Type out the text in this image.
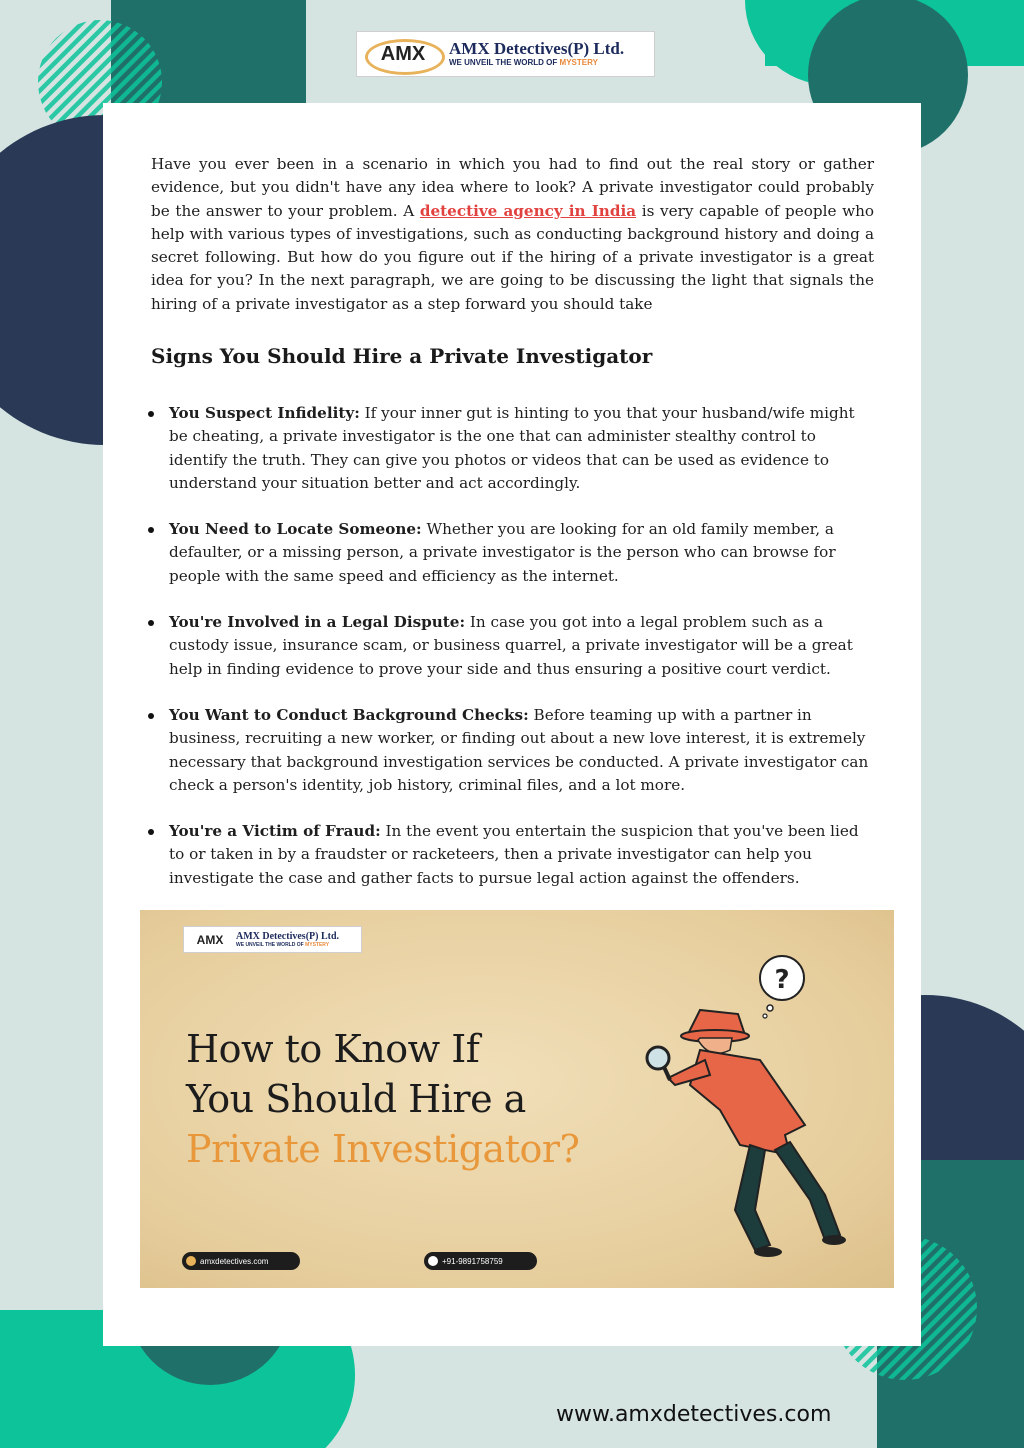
AMX AMX Detectives(P) Ltd.
WE UNVEIL THE WORLD OF MYSTERY

Have you ever been in a scenario in which you had to find out the real story or gather evidence, but you didn't have any idea where to look? A private investigator could probably be the answer to your problem. A detective agency in India is very capable of people who help with various types of investigations, such as conducting background history and doing a secret following. But how do you figure out if the hiring of a private investigator is a great idea for you? In the next paragraph, we are going to be discussing the light that signals the hiring of a private investigator as a step forward you should take

Signs You Should Hire a Private Investigator
You Suspect Infidelity: If your inner gut is hinting to you that your husband/wife might be cheating, a private investigator is the one that can administer stealthy control to identify the truth. They can give you photos or videos that can be used as evidence to understand your situation better and act accordingly.
You Need to Locate Someone: Whether you are looking for an old family member, a defaulter, or a missing person, a private investigator is the person who can browse for people with the same speed and efficiency as the internet.
You're Involved in a Legal Dispute: In case you got into a legal problem such as a custody issue, insurance scam, or business quarrel, a private investigator will be a great help in finding evidence to prove your side and thus ensuring a positive court verdict.
You Want to Conduct Background Checks: Before teaming up with a partner in business, recruiting a new worker, or finding out about a new love interest, it is extremely necessary that background investigation services be conducted. A private investigator can check a person's identity, job history, criminal files, and a lot more.
You're a Victim of Fraud: In the event you entertain the suspicion that you've been lied to or taken in by a fraudster or racketeers, then a private investigator can help you investigate the case and gather facts to pursue legal action against the offenders.
AMX	AMX Detectives(P) Ltd.
WE UNVEIL THE WORLD OF MYSTERY
How to Know If
You Should Hire a
Private Investigator?
?
amxdetectives.com	+91-9891758759
www.amxdetectives.com
